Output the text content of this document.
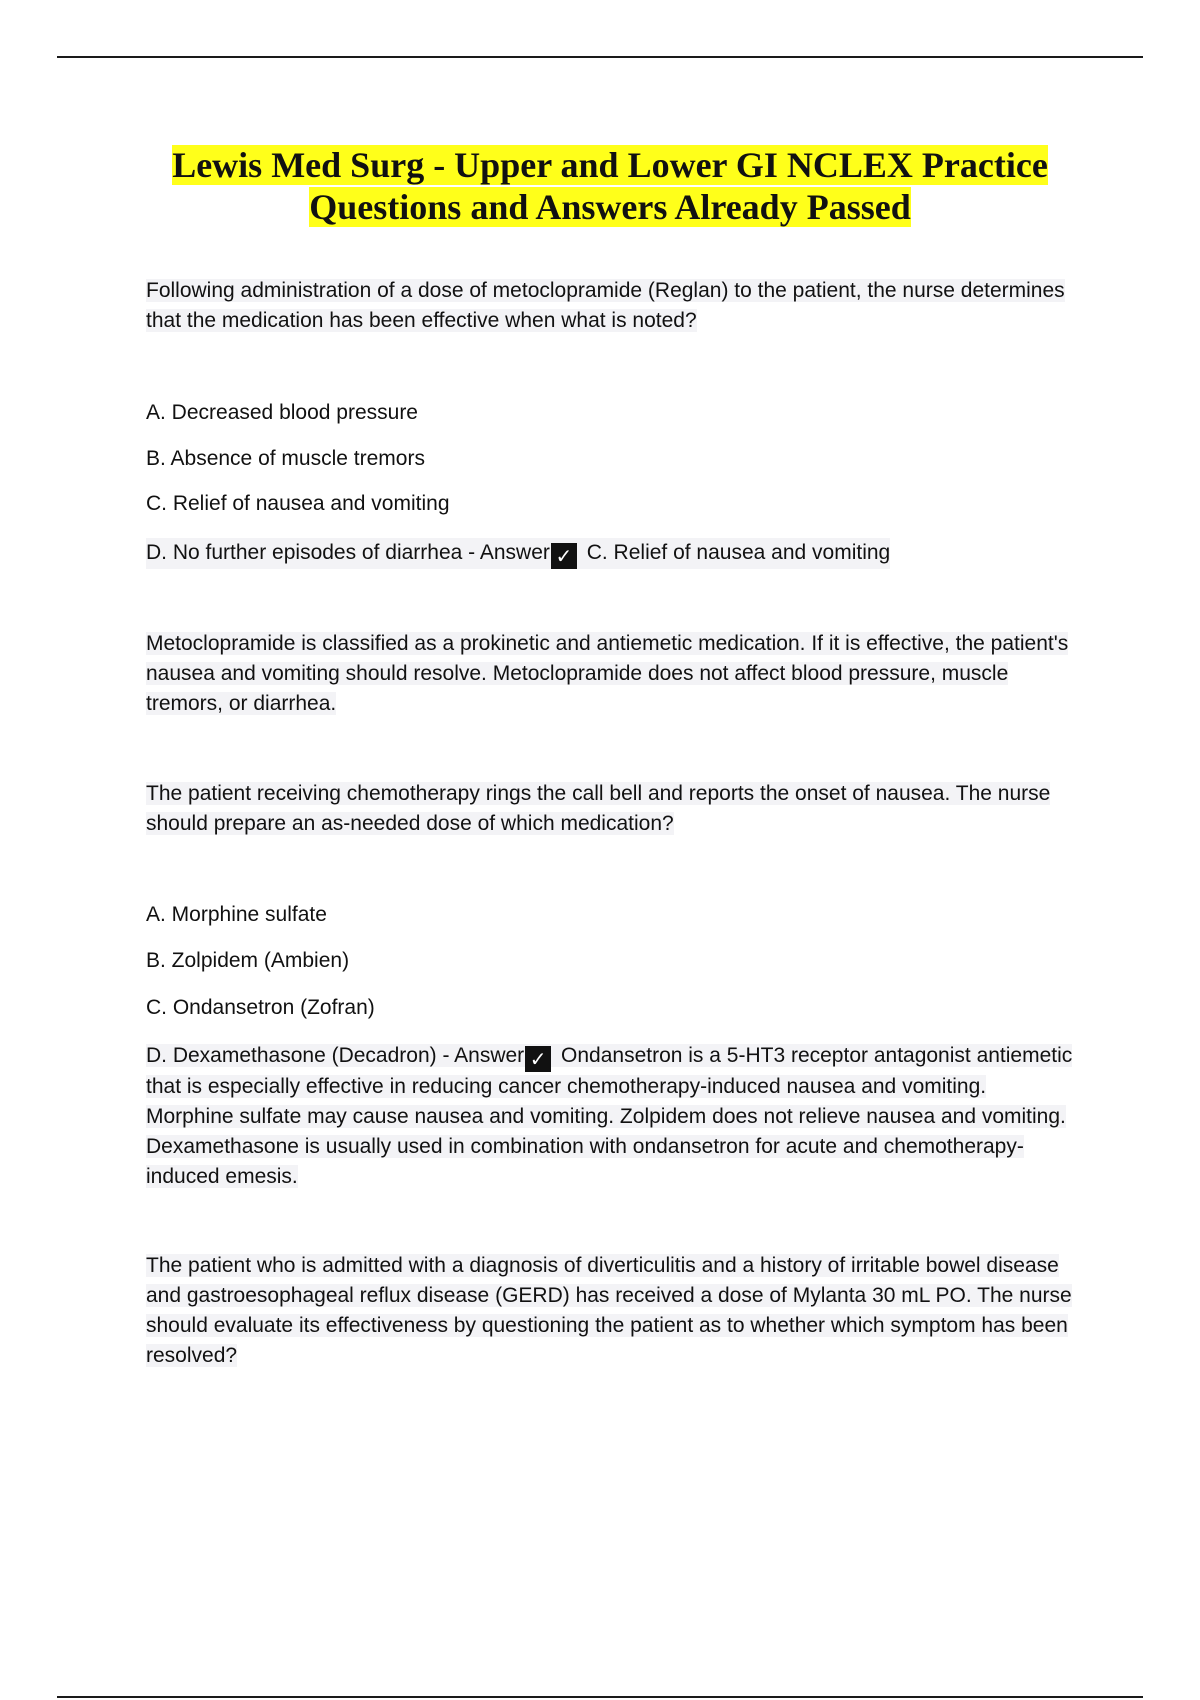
Lewis Med Surg - Upper and Lower GI NCLEX Practice
Questions and Answers Already Passed

Following administration of a dose of metoclopramide (Reglan) to the patient, the nurse determines that the medication has been effective when what is noted?

A. Decreased blood pressure
B. Absence of muscle tremors
C. Relief of nausea and vomiting
D. No further episodes of diarrhea - Answer ✓ C. Relief of nausea and vomiting

Metoclopramide is classified as a prokinetic and antiemetic medication. If it is effective, the patient's nausea and vomiting should resolve. Metoclopramide does not affect blood pressure, muscle tremors, or diarrhea.

The patient receiving chemotherapy rings the call bell and reports the onset of nausea. The nurse should prepare an as-needed dose of which medication?

A. Morphine sulfate
B. Zolpidem (Ambien)
C. Ondansetron (Zofran)

D. Dexamethasone (Decadron) - Answer ✓ Ondansetron is a 5-HT3 receptor antagonist antiemetic that is especially effective in reducing cancer chemotherapy-induced nausea and vomiting. Morphine sulfate may cause nausea and vomiting. Zolpidem does not relieve nausea and vomiting. Dexamethasone is usually used in combination with ondansetron for acute and chemotherapy-induced emesis.

The patient who is admitted with a diagnosis of diverticulitis and a history of irritable bowel disease and gastroesophageal reflux disease (GERD) has received a dose of Mylanta 30 mL PO. The nurse should evaluate its effectiveness by questioning the patient as to whether which symptom has been resolved?
